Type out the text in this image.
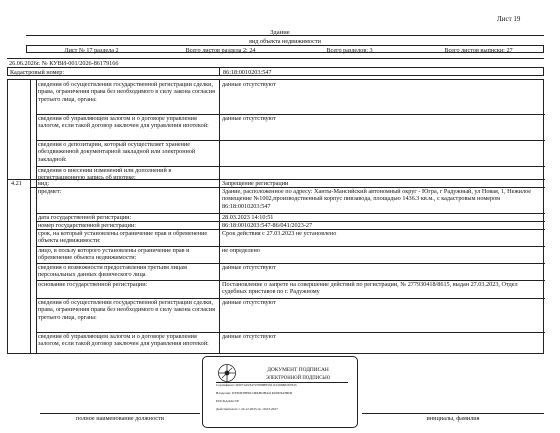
Лист 19
Здание
вид объекта недвижимости
Лист № 17 раздела 2	Всего листов раздела 2: 24	Всего разделов: 3	Всего листов выписки: 27
26.06.2026г. № КУВИ-001/2026-86179166
Кадастровый номер:	86:18:0010203:547
сведения об осуществлении государственной регистрации сделки, права, ограничения права без необходимого в силу закона согласия третьего лица, органа:
данные отсутствуют
сведения об управляющем залогом и о договоре управления залогом, если такой договор заключен для управления ипотекой:
данные отсутствуют
сведения о депозитарии, который осуществляет хранение обездвиженной документарной закладной или электронной закладной:
сведения о внесении изменений или дополнений в регистрационную запись об ипотеке:
4.21	вид:	Запрещение регистрации
предмет:	Здание, расположенное по адресу: Ханты-Мансийский автономный округ - Югра, г Радужный, ул Новая, 1, Нежилое помещение №1002,производственный корпус пивзавода, площадью 1436.3 кв.м., с кадастровым номером 86:18:0010203:547
дата государственной регистрации:	28.03.2023 14:10:51
номер государственной регистрации:	86:18:0010203:547-86/041/2023-27
срок, на который установлены ограничение прав и обременение объекта недвижимости:
Срок действия с 27.03.2023 не установлено
лицо, в пользу которого установлены ограничение прав и обременение объекта недвижимости:
не определено
сведения о возможности предоставления третьим лицам персональных данных физического лица
данные отсутствуют
основание государственной регистрации:	Постановление о запрете на совершение действий по регистрации, № 277930418/8615, выдан 27.03.2023, Отдел судебных приставов по г. Радужному
сведения об осуществлении государственной регистрации сделки, права, ограничения права без необходимого в силу закона согласия третьего лица, органа:
данные отсутствуют
сведения об управляющем залогом и о договоре управления залогом, если такой договор заключен для управления ипотекой:
данные отсутствуют
ДОКУМЕНТ ПОДПИСАН
ЭЛЕКТРОННОЙ ПОДПИСЬЮ
Сертификат: 0D07A01847478988833211016680567845
Владелец: ПУБЛИЧНО-ПРАВОВАЯ КОМПАНИЯ
РОСКАДАСТР
Действителен: с 24.12.2025 по 19.03.2027
полное наименование должности	инициалы, фамилия
